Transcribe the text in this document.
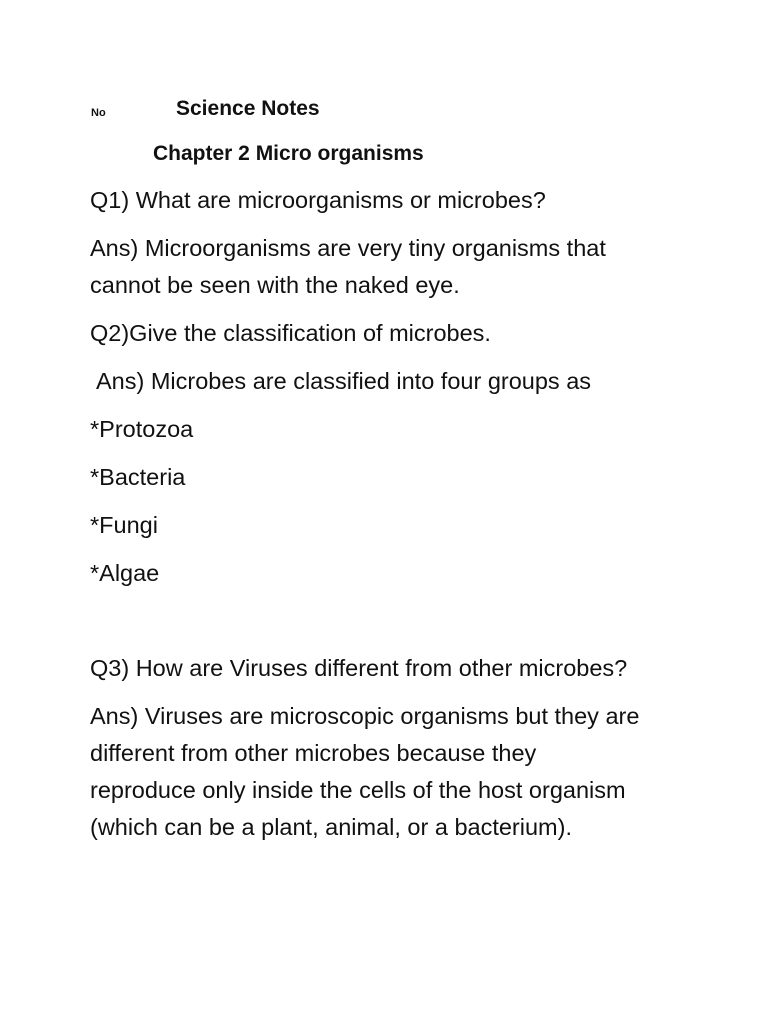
No	Science Notes
Chapter 2 Micro organisms
Q1) What are microorganisms or microbes?
Ans) Microorganisms are very tiny organisms that
cannot be seen with the naked eye.
Q2)Give the classification of microbes.
Ans) Microbes are classified into four groups as
*Protozoa
*Bacteria
*Fungi
*Algae
Q3) How are Viruses different from other microbes?
Ans) Viruses are microscopic organisms but they are
different from other microbes because they
reproduce only inside the cells of the host organism
(which can be a plant, animal, or a bacterium).
